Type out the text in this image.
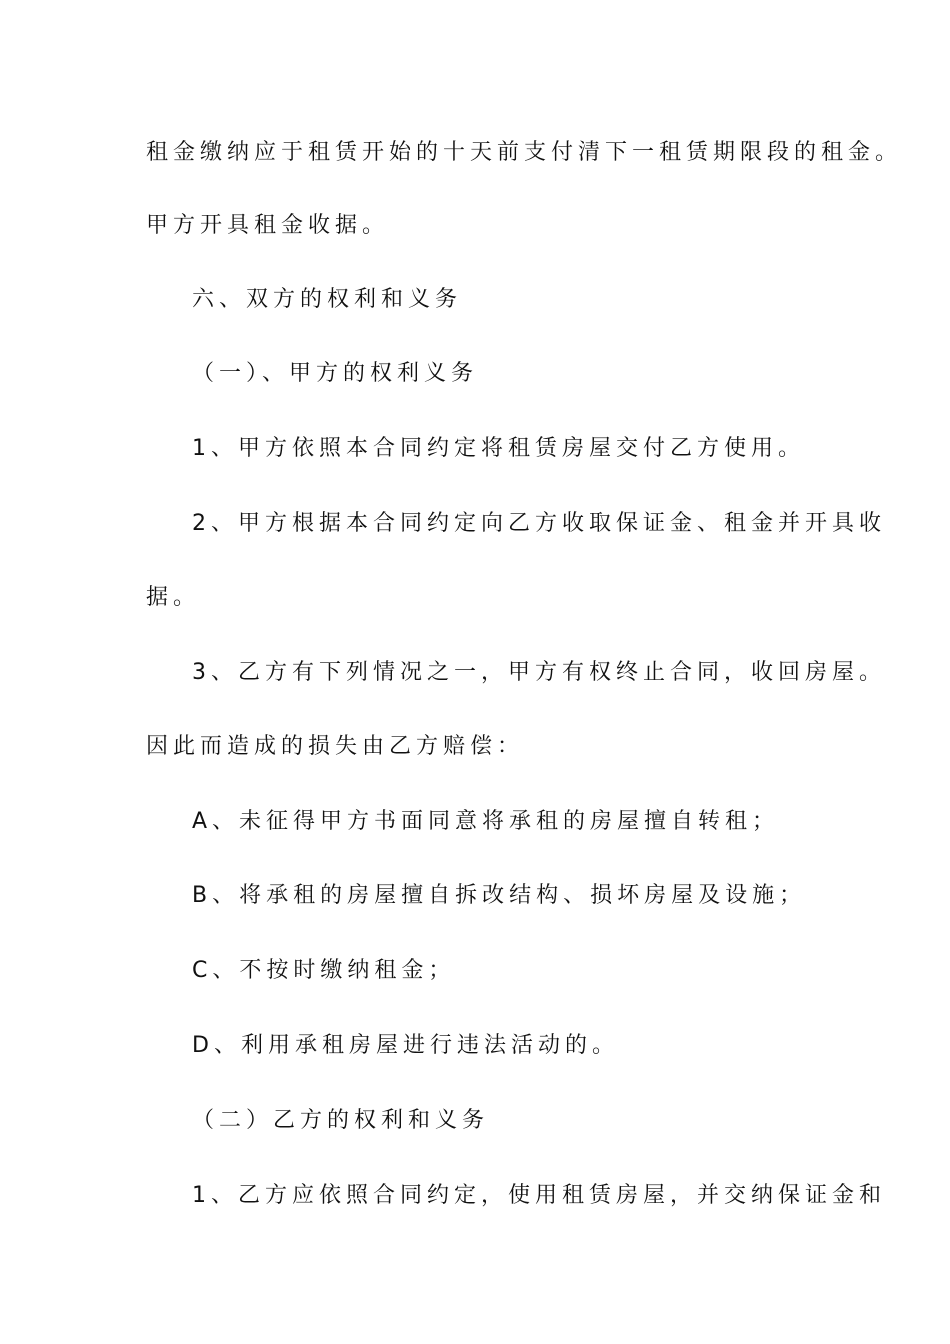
租金缴纳应于租赁开始的十天前支付清下一租赁期限段的租金。
甲方开具租金收据。
六、双方的权利和义务
（一）、甲方的权利义务
1、甲方依照本合同约定将租赁房屋交付乙方使用。
2、甲方根据本合同约定向乙方收取保证金、租金并开具收
据。
3、乙方有下列情况之一，甲方有权终止合同，收回房屋。
因此而造成的损失由乙方赔偿：
A、未征得甲方书面同意将承租的房屋擅自转租；
B、将承租的房屋擅自拆改结构、损坏房屋及设施；
C、不按时缴纳租金；
D、利用承租房屋进行违法活动的。
（二）乙方的权利和义务
1、乙方应依照合同约定，使用租赁房屋，并交纳保证金和
